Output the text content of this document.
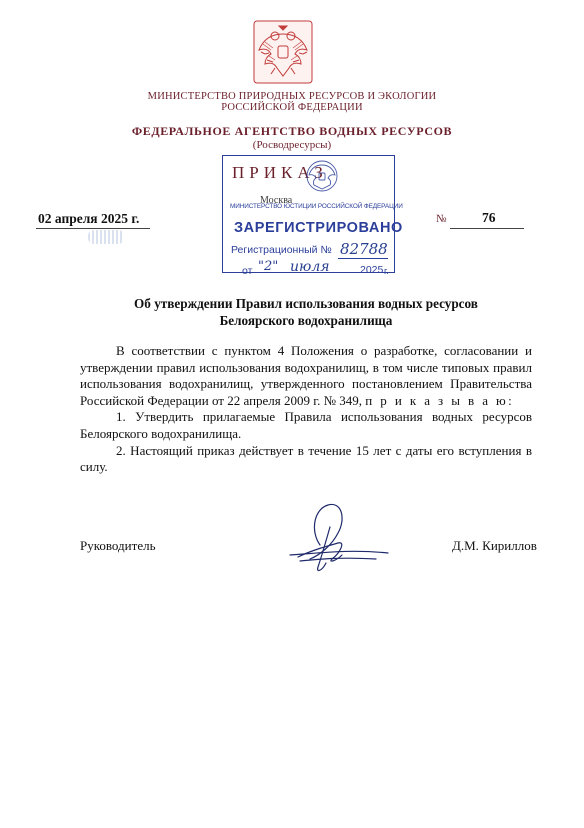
МИНИСТЕРСТВО ПРИРОДНЫХ РЕСУРСОВ И ЭКОЛОГИИ
РОССИЙСКОЙ ФЕДЕРАЦИИ
ФЕДЕРАЛЬНОЕ АГЕНТСТВО ВОДНЫХ РЕСУРСОВ
(Росводресурсы)
ПРИКАЗ
Москва
МИНИСТЕРСТВО ЮСТИЦИИ РОССИЙСКОЙ ФЕДЕРАЦИИ
ЗАРЕГИСТРИРОВАНО
Регистрационный № 82788
от "2" июля	2025 г.
02 апреля 2025 г.	№	76
Об утверждении Правил использования водных ресурсов
Белоярского водохранилища

В соответствии с пунктом 4 Положения о разработке, согласовании и утверждении правил использования водохранилищ, в том числе типовых правил использования водохранилищ, утвержденного постановлением Правительства Российской Федерации от 22 апреля 2009 г. № 349, п р и к а з ы в а ю:

1. Утвердить прилагаемые Правила использования водных ресурсов Белоярского водохранилища.

2. Настоящий приказ действует в течение 15 лет с даты его вступления в силу.

Руководитель	Д.М. Кириллов
